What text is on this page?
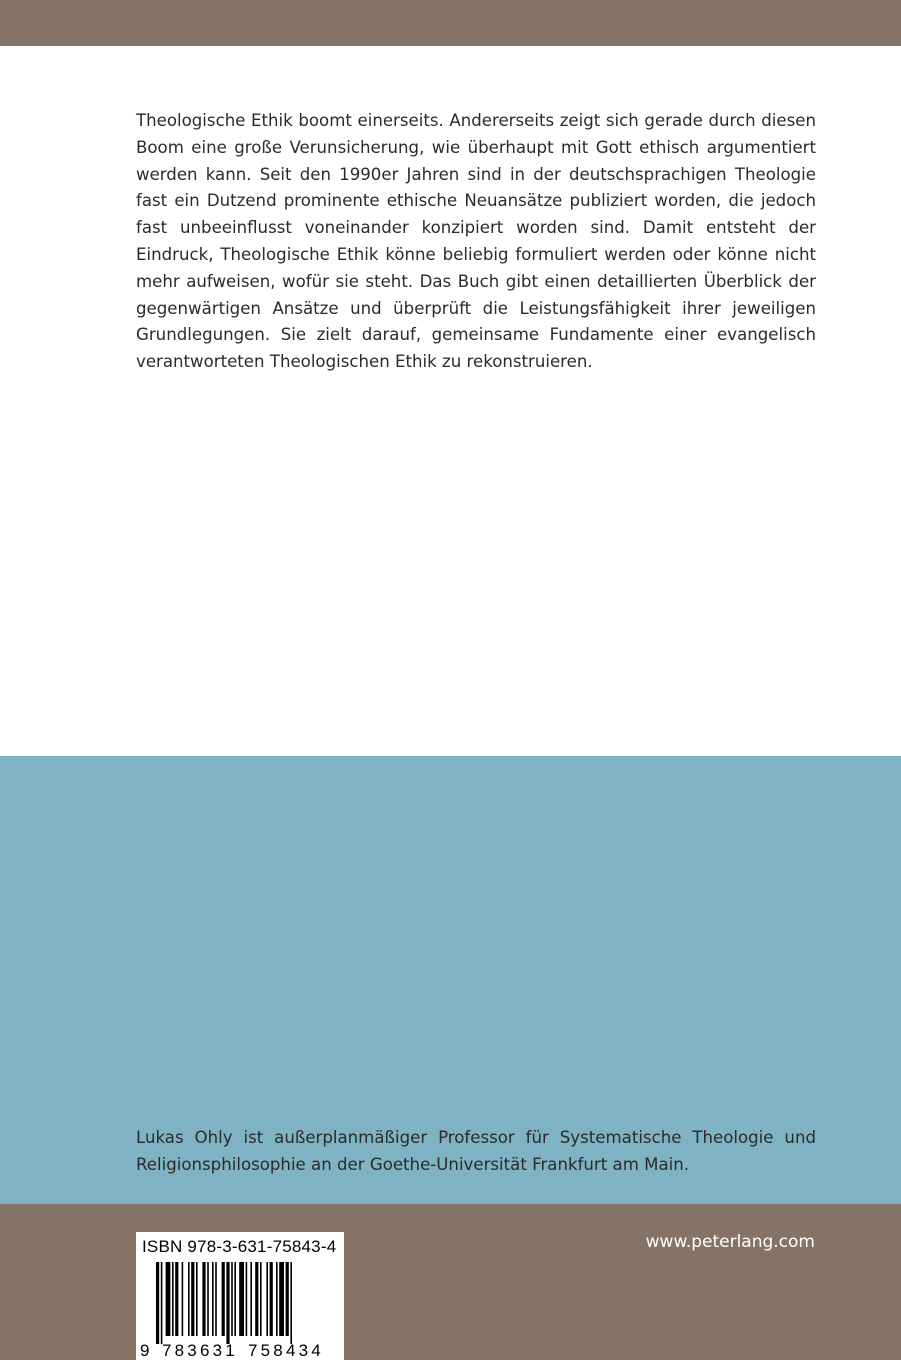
Theologische Ethik boomt einerseits. Andererseits zeigt sich gerade durch diesen Boom eine große Verunsicherung, wie überhaupt mit Gott ethisch argumentiert werden kann. Seit den 1990er Jahren sind in der deutschsprachigen Theologie fast ein Dutzend prominente ethische Neuansätze publiziert worden, die jedoch fast unbeeinflusst voneinander konzipiert worden sind. Damit entsteht der Eindruck, Theologische Ethik könne beliebig formuliert werden oder könne nicht mehr aufweisen, wofür sie steht. Das Buch gibt einen detaillierten Überblick der gegenwärtigen Ansätze und überprüft die Leistungsfähigkeit ihrer jeweiligen Grundlegungen. Sie zielt darauf, gemeinsame Fundamente einer evangelisch verantworteten Theologischen Ethik zu rekonstruieren.

Lukas Ohly ist außerplanmäßiger Professor für Systematische Theologie und Religionsphilosophie an der Goethe-Universität Frankfurt am Main.

ISBN 978-3-631-75843-4
9 783631 758434
www.peterlang.com
